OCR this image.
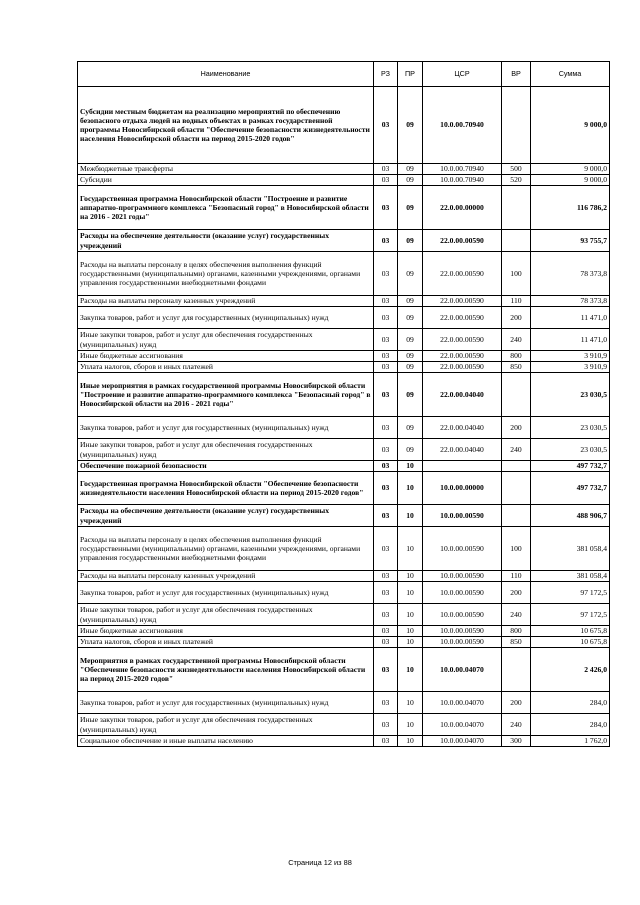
Наименование	РЗ	ПР	ЦСР	ВР	Сумма
Субсидии местным бюджетам на реализацию мероприятий по обеспечению безопасного отдыха людей на водных объектах в рамках государственной программы Новосибирской области "Обеспечение безопасности жизнедеятельности населения Новосибирской области на период 2015-2020 годов"	03	09	10.0.00.70940		9 000,0
Межбюджетные трансферты	03	09	10.0.00.70940	500	9 000,0
Субсидии	03	09	10.0.00.70940	520	9 000,0
Государственная программа Новосибирской области "Построение и развитие аппаратно-программного комплекса "Безопасный город" в Новосибирской области на 2016 - 2021 годы"	03	09	22.0.00.00000		116 786,2
Расходы на обеспечение деятельности (оказание услуг) государственных учреждений	03	09	22.0.00.00590		93 755,7
Расходы на выплаты персоналу в целях обеспечения выполнения функций государственными (муниципальными) органами, казенными учреждениями, органами управления государственными внебюджетными фондами	03	09	22.0.00.00590	100	78 373,8
Расходы на выплаты персоналу казенных учреждений	03	09	22.0.00.00590	110	78 373,8
Закупка товаров, работ и услуг для государственных (муниципальных) нужд	03	09	22.0.00.00590	200	11 471,0
Иные закупки товаров, работ и услуг для обеспечения государственных (муниципальных) нужд	03	09	22.0.00.00590	240	11 471,0
Иные бюджетные ассигнования	03	09	22.0.00.00590	800	3 910,9
Уплата налогов, сборов и иных платежей	03	09	22.0.00.00590	850	3 910,9
Иные мероприятия в рамках государственной программы Новосибирской области "Построение и развитие аппаратно-программного комплекса "Безопасный город" в Новосибирской области на 2016 - 2021 годы"	03	09	22.0.00.04040		23 030,5
Закупка товаров, работ и услуг для государственных (муниципальных) нужд	03	09	22.0.00.04040	200	23 030,5
Иные закупки товаров, работ и услуг для обеспечения государственных (муниципальных) нужд	03	09	22.0.00.04040	240	23 030,5
Обеспечение пожарной безопасности	03	10			497 732,7
Государственная программа Новосибирской области "Обеспечение безопасности жизнедеятельности населения Новосибирской области на период 2015-2020 годов"	03	10	10.0.00.00000		497 732,7
Расходы на обеспечение деятельности (оказание услуг) государственных учреждений	03	10	10.0.00.00590		488 906,7
Расходы на выплаты персоналу в целях обеспечения выполнения функций государственными (муниципальными) органами, казенными учреждениями, органами управления государственными внебюджетными фондами	03	10	10.0.00.00590	100	381 058,4
Расходы на выплаты персоналу казенных учреждений	03	10	10.0.00.00590	110	381 058,4
Закупка товаров, работ и услуг для государственных (муниципальных) нужд	03	10	10.0.00.00590	200	97 172,5
Иные закупки товаров, работ и услуг для обеспечения государственных (муниципальных) нужд	03	10	10.0.00.00590	240	97 172,5
Иные бюджетные ассигнования	03	10	10.0.00.00590	800	10 675,8
Уплата налогов, сборов и иных платежей	03	10	10.0.00.00590	850	10 675,8
Мероприятия в рамках государственной программы Новосибирской области "Обеспечение безопасности жизнедеятельности населения Новосибирской области на период 2015-2020 годов"	03	10	10.0.00.04070		2 426,0
Закупка товаров, работ и услуг для государственных (муниципальных) нужд	03	10	10.0.00.04070	200	284,0
Иные закупки товаров, работ и услуг для обеспечения государственных (муниципальных) нужд	03	10	10.0.00.04070	240	284,0
Социальное обеспечение и иные выплаты населению	03	10	10.0.00.04070	300	1 762,0
Страница 12 из 88
